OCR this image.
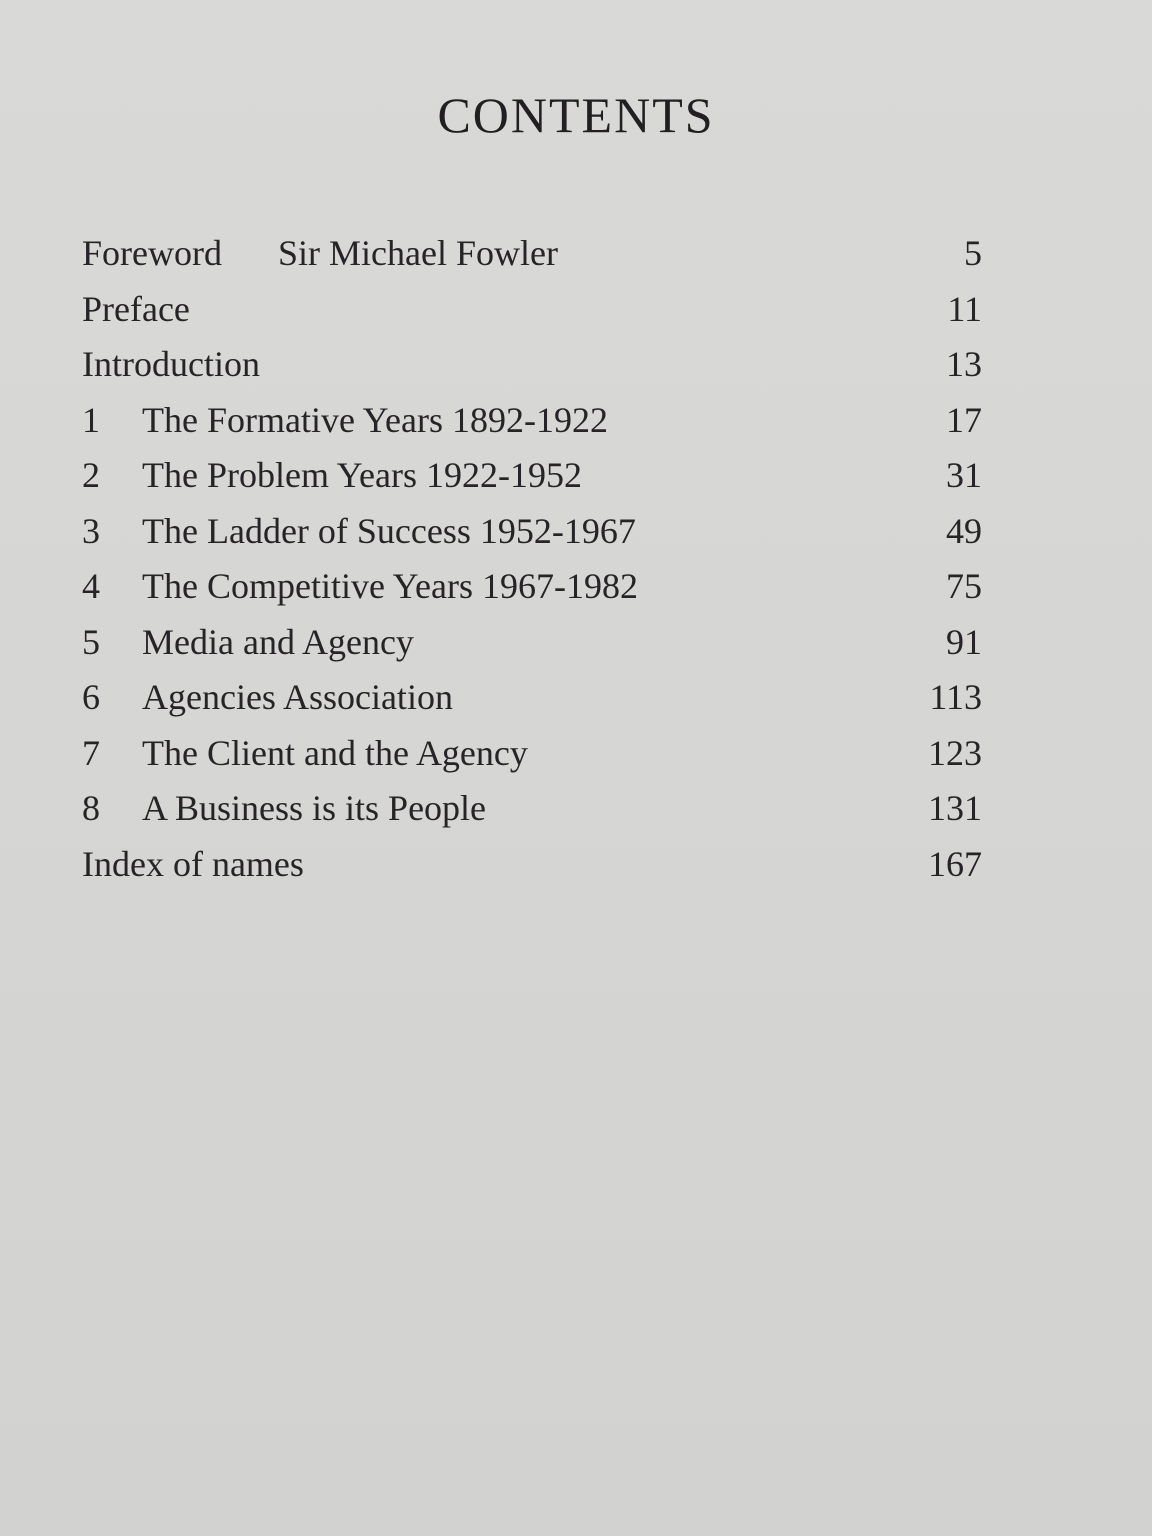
CONTENTS
Foreword Sir Michael Fowler	5
Preface	11
Introduction	13
1	The Formative Years 1892-1922	17
2	The Problem Years 1922-1952	31
3	The Ladder of Success 1952-1967	49
4	The Competitive Years 1967-1982	75
5	Media and Agency	91
6	Agencies Association	113
7	The Client and the Agency	123
8	A Business is its People	131
Index of names	167
